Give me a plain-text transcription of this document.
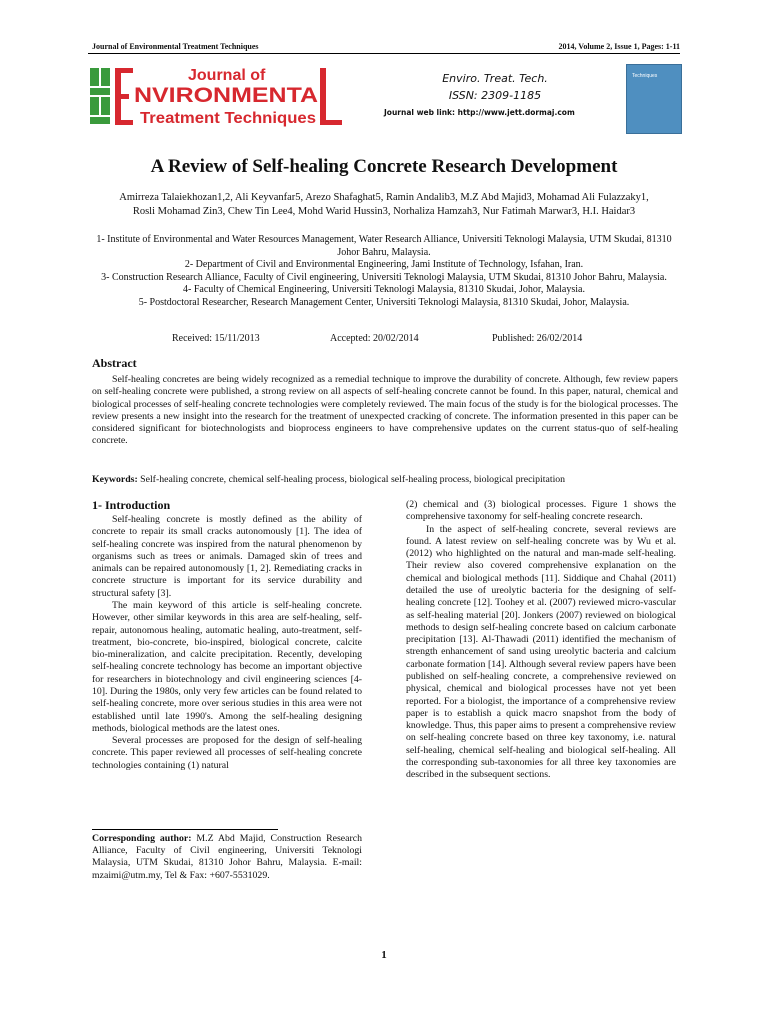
Journal of Environmental Treatment Techniques	2014, Volume 2, Issue 1, Pages: 1-11
Journal of
NVIRONMENTA
Treatment Techniques
Enviro. Treat. Tech.
ISSN: 2309-1185
Journal web link: http://www.jett.dormaj.com
Techniques
A Review of Self-healing Concrete Research Development
Amirreza Talaiekhozan1,2, Ali Keyvanfar5, Arezo Shafaghat5, Ramin Andalib3, M.Z Abd Majid3, Mohamad Ali Fulazzaky1,
Rosli Mohamad Zin3, Chew Tin Lee4, Mohd Warid Hussin3, Norhaliza Hamzah3, Nur Fatimah Marwar3, H.I. Haidar3
1- Institute of Environmental and Water Resources Management, Water Research Alliance, Universiti Teknologi Malaysia, UTM Skudai, 81310 Johor Bahru, Malaysia.
2- Department of Civil and Environmental Engineering, Jami Institute of Technology, Isfahan, Iran.
3- Construction Research Alliance, Faculty of Civil engineering, Universiti Teknologi Malaysia, UTM Skudai, 81310 Johor Bahru, Malaysia.
4- Faculty of Chemical Engineering, Universiti Teknologi Malaysia, 81310 Skudai, Johor, Malaysia.
5- Postdoctoral Researcher, Research Management Center, Universiti Teknologi Malaysia, 81310 Skudai, Johor, Malaysia.
Received: 15/11/2013	Accepted: 20/02/2014	Published: 26/02/2014
Abstract
Self-healing concretes are being widely recognized as a remedial technique to improve the durability of concrete. Although, few review papers on self-healing concrete were published, a strong review on all aspects of self-healing concrete cannot be found. In this paper, natural, chemical and biological processes of self-healing concrete technologies were completely reviewed. The main focus of the study is for the biological processes. The review presents a new insight into the research for the treatment of unexpected cracking of concrete. The information presented in this paper can be considered significant for biotechnologists and bioprocess engineers to have comprehensive updates on the current status-quo of self-healing concrete.
Keywords: Self-healing concrete, chemical self-healing process, biological self-healing process, biological precipitation
1- Introduction

Self-healing concrete is mostly defined as the ability of concrete to repair its small cracks autonomously [1]. The idea of self-healing concrete was inspired from the natural phenomenon by organisms such as trees or animals. Damaged skin of trees and animals can be repaired autonomously [1, 2]. Remediating cracks in concrete structure is important for its service durability and structural safety [3].

The main keyword of this article is self-healing concrete. However, other similar keywords in this area are self-healing, self-repair, autonomous healing, automatic healing, auto-treatment, self-treatment, bio-concrete, bio-inspired, biological concrete, calcite bio-mineralization, and calcite precipitation. Recently, developing self-healing concrete technology has become an important objective for researchers in biotechnology and civil engineering sciences [4-10]. During the 1980s, only very few articles can be found related to self-healing concrete, more over serious studies in this area were not established until late 1990's. Among the self-healing designing methods, biological methods are the latest ones.

Several processes are proposed for the design of self-healing concrete. This paper reviewed all processes of self-healing concrete technologies containing (1) natural

(2) chemical and (3) biological processes. Figure 1 shows the comprehensive taxonomy for self-healing concrete research.

In the aspect of self-healing concrete, several reviews are found. A latest review on self-healing concrete was by Wu et al. (2012) who highlighted on the natural and man-made self-healing. Their review also covered comprehensive explanation on the chemical and biological methods [11]. Siddique and Chahal (2011) detailed the use of ureolytic bacteria for the designing of self-healing concrete [12]. Toohey et al. (2007) reviewed micro-vascular as self-healing material [20]. Jonkers (2007) reviewed on biological methods to design self-healing concrete based on calcium carbonate precipitation [13]. Al-Thawadi (2011) identified the mechanism of strength enhancement of sand using ureolytic bacteria and calcium carbonate formation [14]. Although several review papers have been published on self-healing concrete, a comprehensive reviewed on physical, chemical and biological processes have not yet been reported. For a biologist, the importance of a comprehensive review paper is to establish a quick macro snapshot from the body of knowledge. Thus, this paper aims to present a comprehensive review on self-healing concrete based on three key taxonomy, i.e. natural self-healing, chemical self-healing and biological self-healing. All the corresponding sub-taxonomies for all three key taxonomies are described in the subsequent sections.

Corresponding author: M.Z Abd Majid, Construction Research Alliance, Faculty of Civil engineering, Universiti Teknologi Malaysia, UTM Skudai, 81310 Johor Bahru, Malaysia. E-mail: mzaimi@utm.my, Tel & Fax: +607-5531029.
1
